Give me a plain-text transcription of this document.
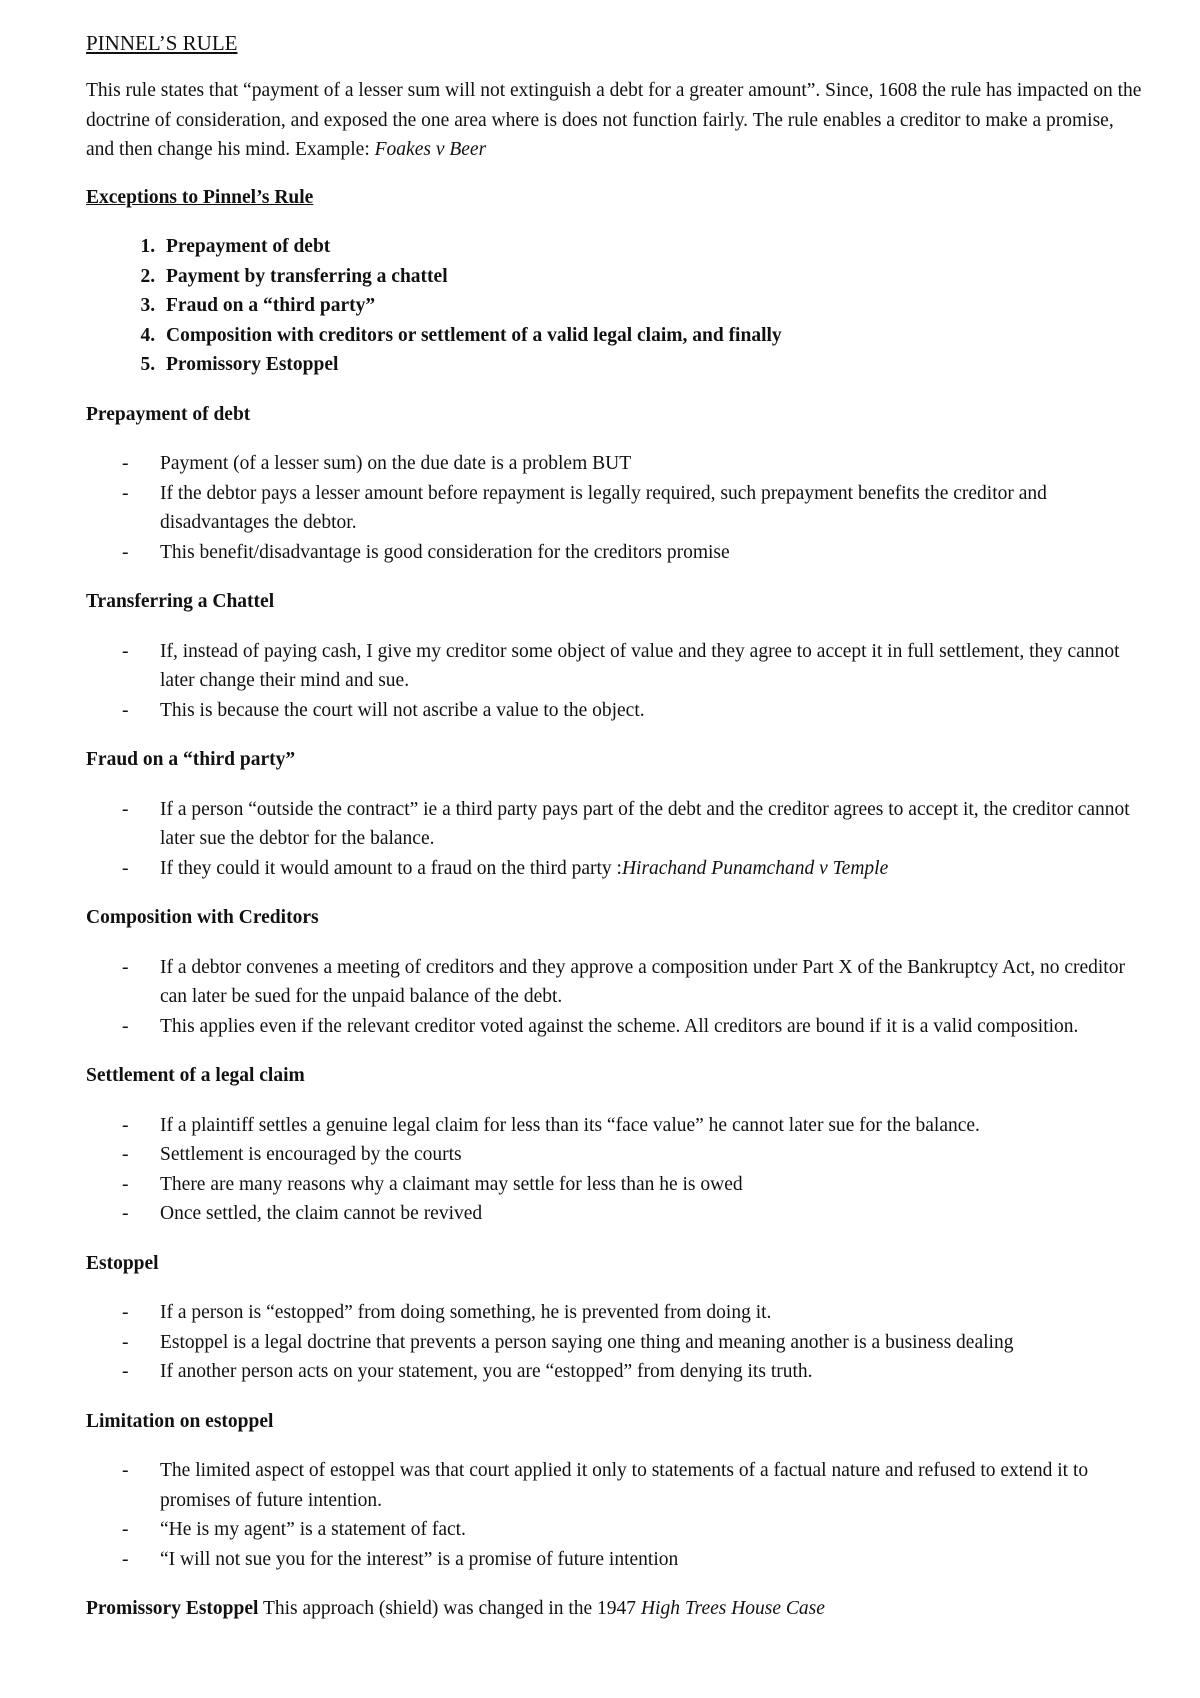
PINNEL’S RULE

This rule states that “payment of a lesser sum will not extinguish a debt for a greater amount”. Since, 1608 the rule has impacted on the doctrine of consideration, and exposed the one area where is does not function fairly. The rule enables a creditor to make a promise, and then change his mind. Example: Foakes v Beer

Exceptions to Pinnel’s Rule

1. Prepayment of debt
2. Payment by transferring a chattel
3. Fraud on a “third party”
4. Composition with creditors or settlement of a valid legal claim, and finally
5. Promissory Estoppel

Prepayment of debt

- Payment (of a lesser sum) on the due date is a problem BUT
- If the debtor pays a lesser amount before repayment is legally required, such prepayment benefits the creditor and disadvantages the debtor.
- This benefit/disadvantage is good consideration for the creditors promise

Transferring a Chattel

- If, instead of paying cash, I give my creditor some object of value and they agree to accept it in full settlement, they cannot later change their mind and sue.
- This is because the court will not ascribe a value to the object.

Fraud on a “third party”

- If a person “outside the contract” ie a third party pays part of the debt and the creditor agrees to accept it, the creditor cannot later sue the debtor for the balance.
- If they could it would amount to a fraud on the third party :Hirachand Punamchand v Temple

Composition with Creditors

- If a debtor convenes a meeting of creditors and they approve a composition under Part X of the Bankruptcy Act, no creditor can later be sued for the unpaid balance of the debt.
- This applies even if the relevant creditor voted against the scheme. All creditors are bound if it is a valid composition.

Settlement of a legal claim

- If a plaintiff settles a genuine legal claim for less than its “face value” he cannot later sue for the balance.
- Settlement is encouraged by the courts
- There are many reasons why a claimant may settle for less than he is owed
- Once settled, the claim cannot be revived

Estoppel

- If a person is “estopped” from doing something, he is prevented from doing it.
- Estoppel is a legal doctrine that prevents a person saying one thing and meaning another is a business dealing
- If another person acts on your statement, you are “estopped” from denying its truth.

Limitation on estoppel

- The limited aspect of estoppel was that court applied it only to statements of a factual nature and refused to extend it to promises of future intention.
- “He is my agent” is a statement of fact.
- “I will not sue you for the interest” is a promise of future intention

Promissory Estoppel This approach (shield) was changed in the 1947 High Trees House Case
